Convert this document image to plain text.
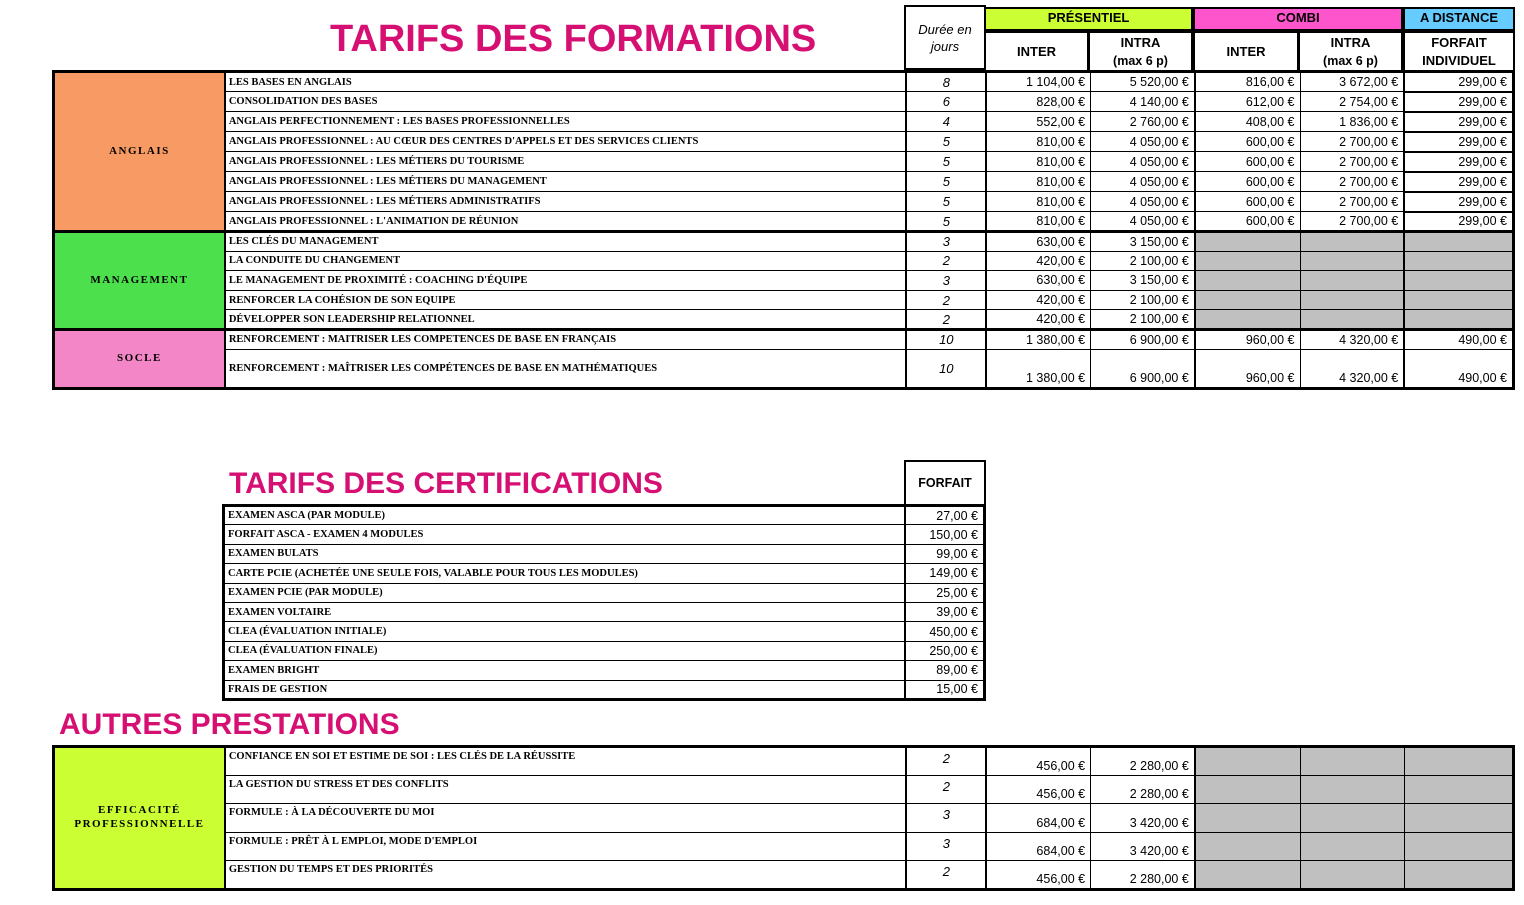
TARIFS DES FORMATIONS
TARIFS DES CERTIFICATIONS
AUTRES PRESTATIONS
Durée en
jours
PRÉSENTIEL	COMBI	A DISTANCE
INTER
INTRA
(max 6 p)
INTER
INTRA
(max 6 p)
FORFAIT
INDIVIDUEL
ANGLAIS	LES BASES EN ANGLAIS	8	1 104,00 €	5 520,00 €	816,00 €	3 672,00 €	299,00 €
	CONSOLIDATION DES BASES	6	828,00 €	4 140,00 €	612,00 €	2 754,00 €	299,00 €
	ANGLAIS PERFECTIONNEMENT : LES BASES PROFESSIONNELLES	4	552,00 €	2 760,00 €	408,00 €	1 836,00 €	299,00 €
	ANGLAIS PROFESSIONNEL : AU CŒUR DES CENTRES D'APPELS ET DES SERVICES CLIENTS	5	810,00 €	4 050,00 €	600,00 €	2 700,00 €	299,00 €
	ANGLAIS PROFESSIONNEL : LES MÉTIERS DU TOURISME	5	810,00 €	4 050,00 €	600,00 €	2 700,00 €	299,00 €
	ANGLAIS PROFESSIONNEL : LES MÉTIERS DU MANAGEMENT	5	810,00 €	4 050,00 €	600,00 €	2 700,00 €	299,00 €
	ANGLAIS PROFESSIONNEL : LES MÉTIERS ADMINISTRATIFS	5	810,00 €	4 050,00 €	600,00 €	2 700,00 €	299,00 €
	ANGLAIS PROFESSIONNEL : L'ANIMATION DE RÉUNION	5	810,00 €	4 050,00 €	600,00 €	2 700,00 €	299,00 €
MANAGEMENT	LES CLÉS DU MANAGEMENT	3	630,00 €	3 150,00 €			
	LA CONDUITE DU CHANGEMENT	2	420,00 €	2 100,00 €			
	LE MANAGEMENT DE PROXIMITÉ : COACHING D'ÉQUIPE	3	630,00 €	3 150,00 €			
	RENFORCER LA COHÉSION DE SON EQUIPE	2	420,00 €	2 100,00 €			
	DÉVELOPPER SON LEADERSHIP RELATIONNEL	2	420,00 €	2 100,00 €			
SOCLE	RENFORCEMENT : MAITRISER LES COMPETENCES DE BASE EN FRANÇAIS	10	1 380,00 €	6 900,00 €	960,00 €	4 320,00 €	490,00 €
	RENFORCEMENT : MAÎTRISER LES COMPÉTENCES DE BASE EN MATHÉMATIQUES	10	1 380,00 €	6 900,00 €	960,00 €	4 320,00 €	490,00 €
FORFAIT
EXAMEN ASCA (PAR MODULE)	27,00 €
FORFAIT ASCA - EXAMEN 4 MODULES	150,00 €
EXAMEN BULATS	99,00 €
CARTE PCIE (ACHETÉE UNE SEULE FOIS, VALABLE POUR TOUS LES MODULES)	149,00 €
EXAMEN PCIE (PAR MODULE)	25,00 €
EXAMEN VOLTAIRE	39,00 €
CLEA (ÉVALUATION INITIALE)	450,00 €
CLEA (ÉVALUATION FINALE)	250,00 €
EXAMEN BRIGHT	89,00 €
FRAIS DE GESTION	15,00 €
EFFICACITÉ
PROFESSIONNELLE	CONFIANCE EN SOI ET ESTIME DE SOI : LES CLÉS DE LA RÉUSSITE	2	456,00 €	2 280,00 €			
	LA GESTION DU STRESS ET DES CONFLITS	2	456,00 €	2 280,00 €			
	FORMULE : À LA DÉCOUVERTE DU MOI	3	684,00 €	3 420,00 €			
	FORMULE : PRÊT À L EMPLOI, MODE D'EMPLOI	3	684,00 €	3 420,00 €			
	GESTION DU TEMPS ET DES PRIORITÉS	2	456,00 €	2 280,00 €			
